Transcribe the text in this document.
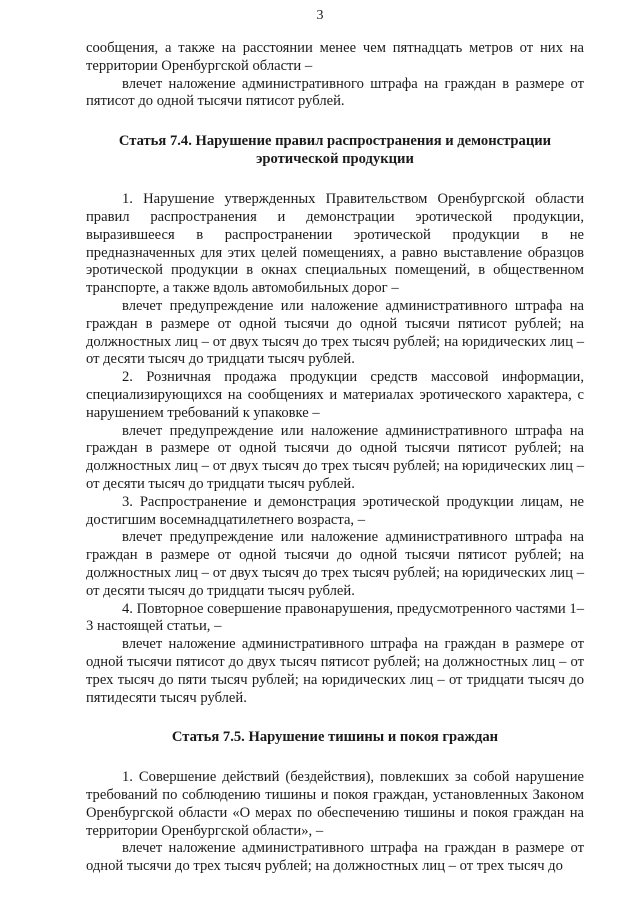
3

сообщения, а также на расстоянии менее чем пятнадцать метров от них на территории Оренбургской области –

влечет наложение административного штрафа на граждан в размере от пятисот до одной тысячи пятисот рублей.

Статья 7.4. Нарушение правил распространения и демонстрации эротической продукции

1. Нарушение утвержденных Правительством Оренбургской области правил распространения и демонстрации эротической продукции, выразившееся в распространении эротической продукции в не предназначенных для этих целей помещениях, а равно выставление образцов эротической продукции в окнах специальных помещений, в общественном транспорте, а также вдоль автомобильных дорог –

влечет предупреждение или наложение административного штрафа на граждан в размере от одной тысячи до одной тысячи пятисот рублей; на должностных лиц – от двух тысяч до трех тысяч рублей; на юридических лиц – от десяти тысяч до тридцати тысяч рублей.

2. Розничная продажа продукции средств массовой информации, специализирующихся на сообщениях и материалах эротического характера, с нарушением требований к упаковке –

влечет предупреждение или наложение административного штрафа на граждан в размере от одной тысячи до одной тысячи пятисот рублей; на должностных лиц – от двух тысяч до трех тысяч рублей; на юридических лиц – от десяти тысяч до тридцати тысяч рублей.

3. Распространение и демонстрация эротической продукции лицам, не достигшим восемнадцатилетнего возраста, –

влечет предупреждение или наложение административного штрафа на граждан в размере от одной тысячи до одной тысячи пятисот рублей; на должностных лиц – от двух тысяч до трех тысяч рублей; на юридических лиц – от десяти тысяч до тридцати тысяч рублей.

4. Повторное совершение правонарушения, предусмотренного частями 1–3 настоящей статьи, –

влечет наложение административного штрафа на граждан в размере от одной тысячи пятисот до двух тысяч пятисот рублей; на должностных лиц – от трех тысяч до пяти тысяч рублей; на юридических лиц – от тридцати тысяч до пятидесяти тысяч рублей.

Статья 7.5. Нарушение тишины и покоя граждан

1. Совершение действий (бездействия), повлекших за собой нарушение требований по соблюдению тишины и покоя граждан, установленных Законом Оренбургской области «О мерах по обеспечению тишины и покоя граждан на территории Оренбургской области», –

влечет наложение административного штрафа на граждан в размере от одной тысячи до трех тысяч рублей; на должностных лиц – от трех тысяч до
